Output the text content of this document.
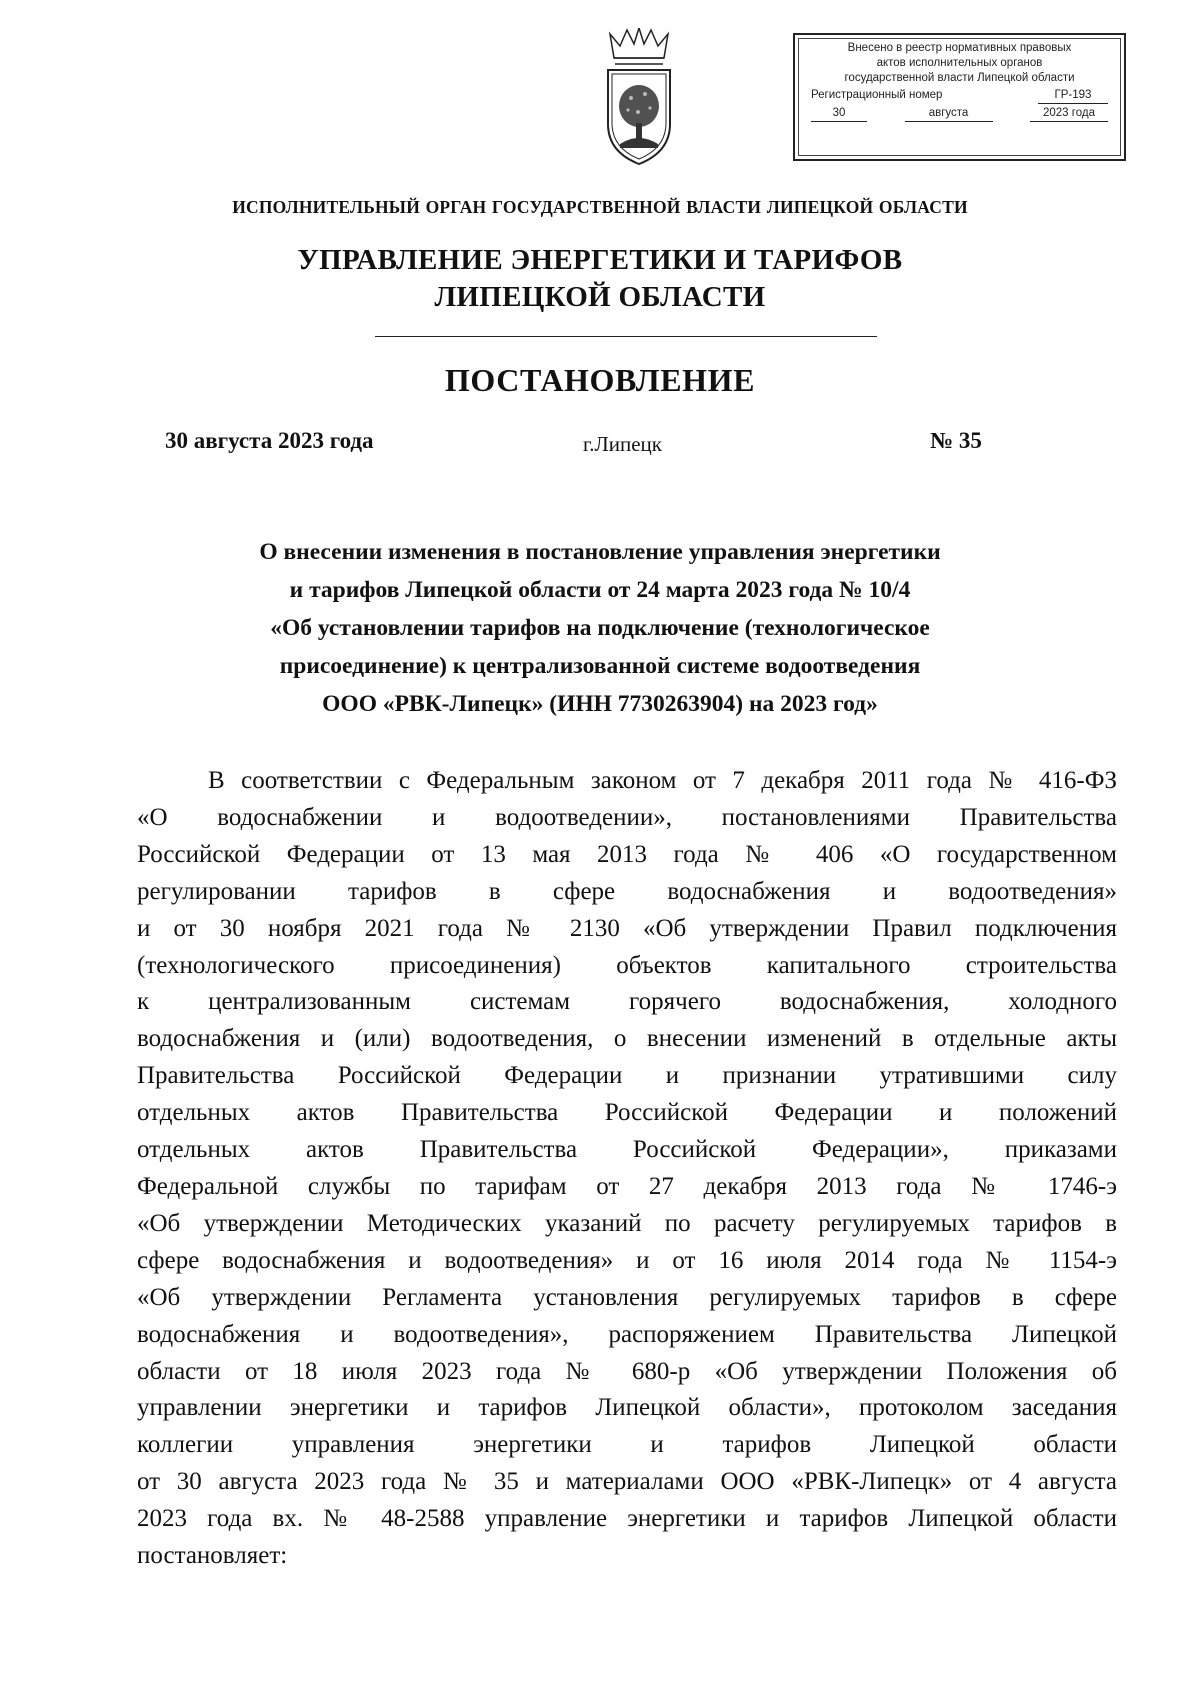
Внесено в реестр нормативных правовых
актов исполнительных органов
государственной власти Липецкой области
Регистрационный номер	ГР-193
30	августа	2023 года
ИСПОЛНИТЕЛЬНЫЙ ОРГАН ГОСУДАРСТВЕННОЙ ВЛАСТИ ЛИПЕЦКОЙ ОБЛАСТИ
УПРАВЛЕНИЕ ЭНЕРГЕТИКИ И ТАРИФОВ
ЛИПЕЦКОЙ ОБЛАСТИ
ПОСТАНОВЛЕНИЕ
30 августа 2023 года	г.Липецк	№ 35
О внесении изменения в постановление управления энергетики
и тарифов Липецкой области от 24 марта 2023 года № 10/4
«Об установлении тарифов на подключение (технологическое
присоединение) к централизованной системе водоотведения
ООО «РВК-Липецк» (ИНН 7730263904) на 2023 год»
В соответствии с Федеральным законом от 7 декабря 2011 года № 416-ФЗ
«О водоснабжении и водоотведении», постановлениями Правительства
Российской Федерации от 13 мая 2013 года № 406 «О государственном
регулировании тарифов в сфере водоснабжения и водоотведения»
и от 30 ноября 2021 года № 2130 «Об утверждении Правил подключения
(технологического присоединения) объектов капитального строительства
к централизованным системам горячего водоснабжения, холодного
водоснабжения и (или) водоотведения, о внесении изменений в отдельные акты
Правительства Российской Федерации и признании утратившими силу
отдельных актов Правительства Российской Федерации и положений
отдельных актов Правительства Российской Федерации», приказами
Федеральной службы по тарифам от 27 декабря 2013 года № 1746-э
«Об утверждении Методических указаний по расчету регулируемых тарифов в
сфере водоснабжения и водоотведения» и от 16 июля 2014 года № 1154-э
«Об утверждении Регламента установления регулируемых тарифов в сфере
водоснабжения и водоотведения», распоряжением Правительства Липецкой
области от 18 июля 2023 года № 680-р «Об утверждении Положения об
управлении энергетики и тарифов Липецкой области», протоколом заседания
коллегии управления энергетики и тарифов Липецкой области
от 30 августа 2023 года № 35 и материалами ООО «РВК-Липецк» от 4 августа
2023 года вх. № 48-2588 управление энергетики и тарифов Липецкой области
постановляет:
